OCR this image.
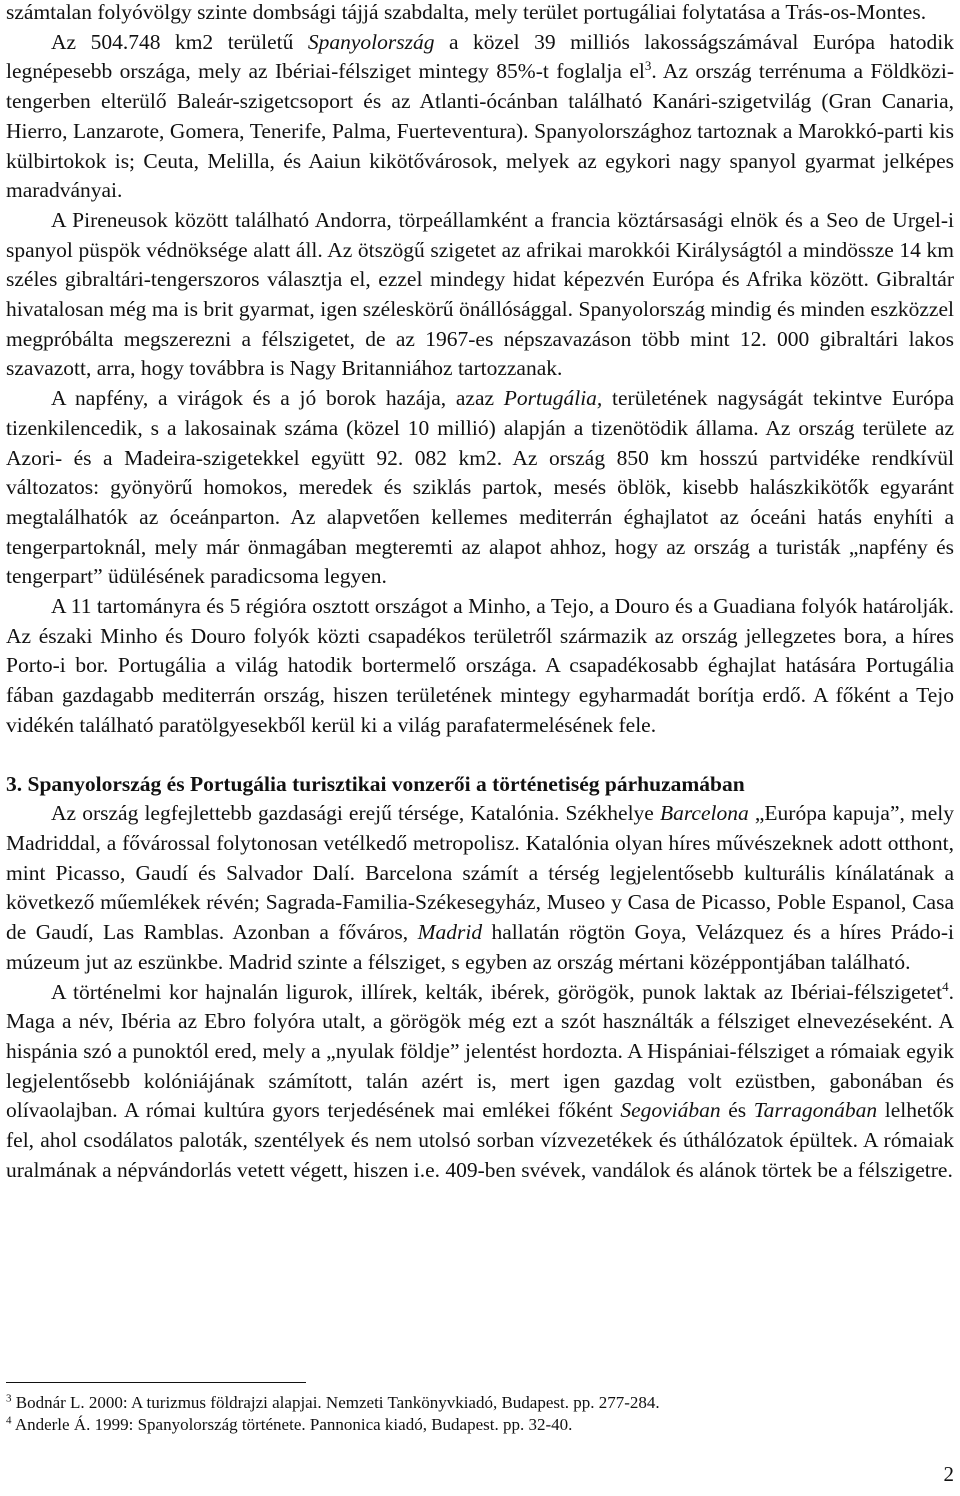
számtalan folyóvölgy szinte dombsági tájjá szabdalta, mely terület portugáliai folytatása a Trás-os-Montes.

Az 504.748 km2 területű Spanyolország a közel 39 milliós lakosságszámával Európa hatodik legnépesebb országa, mely az Ibériai-félsziget mintegy 85%-t foglalja $el^3$. Az ország terrénuma a Földközi-tengerben elterülő Baleár-szigetcsoport és az Atlanti-ócánban található Kanári-szigetvilág (Gran Canaria, Hierro, Lanzarote, Gomera, Tenerife, Palma, Fuerteventura). Spanyolországhoz tartoznak a Marokkó-parti kis külbirtokok is; Ceuta, Melilla, és Aaiun kikötővárosok, melyek az egykori nagy spanyol gyarmat jelképes maradványai.

A Pireneusok között található Andorra, törpeállamként a francia köztársasági elnök és a Seo de Urgel-i spanyol püspök védnöksége alatt áll. Az ötszögű szigetet az afrikai marokkói Királyságtól a mindössze 14 km széles gibraltári-tengerszoros választja el, ezzel mindegy hidat képezvén Európa és Afrika között. Gibraltár hivatalosan még ma is brit gyarmat, igen széleskörű önállósággal. Spanyolország mindig és minden eszközzel megpróbálta megszerezni a félszigetet, de az 1967-es népszavazáson több mint 12. 000 gibraltári lakos szavazott, arra, hogy továbbra is Nagy Britanniához tartozzanak.

A napfény, a virágok és a jó borok hazája, azaz Portugália, területének nagyságát tekintve Európa tizenkilencedik, s a lakosainak száma (közel 10 millió) alapján a tizenötödik állama. Az ország területe az Azori- és a Madeira-szigetekkel együtt 92. 082 km2. Az ország 850 km hosszú partvidéke rendkívül változatos: gyönyörű homokos, meredek és sziklás partok, mesés öblök, kisebb halászkikötők egyaránt megtalálhatók az óceánparton. Az alapvetően kellemes mediterrán éghajlatot az óceáni hatás enyhíti a tengerpartoknál, mely már önmagában megteremti az alapot ahhoz, hogy az ország a turisták „napfény és tengerpart” üdülésének paradicsoma legyen.

A 11 tartományra és 5 régióra osztott országot a Minho, a Tejo, a Douro és a Guadiana folyók határolják. Az északi Minho és Douro folyók közti csapadékos területről származik az ország jellegzetes bora, a híres Porto-i bor. Portugália a világ hatodik bortermelő országa. A csapadékosabb éghajlat hatására Portugália fában gazdagabb mediterrán ország, hiszen területének mintegy egyharmadát borítja erdő. A főként a Tejo vidékén található paratölgyesekből kerül ki a világ parafatermelésének fele.

3. Spanyolország és Portugália turisztikai vonzerői a történetiség párhuzamában

Az ország legfejlettebb gazdasági erejű térsége, Katalónia. Székhelye Barcelona „Európa kapuja”, mely Madriddal, a fővárossal folytonosan vetélkedő metropolisz. Katalónia olyan híres művészeknek adott otthont, mint Picasso, Gaudí és Salvador Dalí. Barcelona számít a térség legjelentősebb kulturális kínálatának a következő műemlékek révén; Sagrada-Familia-Székesegyház, Museo y Casa de Picasso, Poble Espanol, Casa de Gaudí, Las Ramblas. Azonban a főváros, Madrid hallatán rögtön Goya, Velázquez és a híres Prádo-i múzeum jut az eszünkbe. Madrid szinte a félsziget, s egyben az ország mértani középpontjában található.

A történelmi kor hajnalán ligurok, illírek, kelták, ibérek, görögök, punok laktak az Ibériai-félszigetet$^4$. Maga a név, Ibéria az Ebro folyóra utalt, a görögök még ezt a szót használták a félsziget elnevezéseként. A hispánia szó a punoktól ered, mely a „nyulak földje” jelentést hordozta. A Hispániai-félsziget a rómaiak egyik legjelentősebb kolóniájának számított, talán azért is, mert igen gazdag volt ezüstben, gabonában és olívaolajban. A római kultúra gyors terjedésének mai emlékei főként Segoviában és Tarragonában lelhetők fel, ahol csodálatos paloták, szentélyek és nem utolsó sorban vízvezetékek és úthálózatok épültek. A rómaiak uralmának a népvándorlás vetett végett, hiszen i.e. 409-ben svévek, vandálok és alánok törtek be a félszigetre.

$^3$ Bodnár L. 2000: A turizmus földrajzi alapjai. Nemzeti Tankönyvkiadó, Budapest. pp. 277-284.
$^4$ Anderle Á. 1999: Spanyolország története. Pannonica kiadó, Budapest. pp. 32-40.
2
